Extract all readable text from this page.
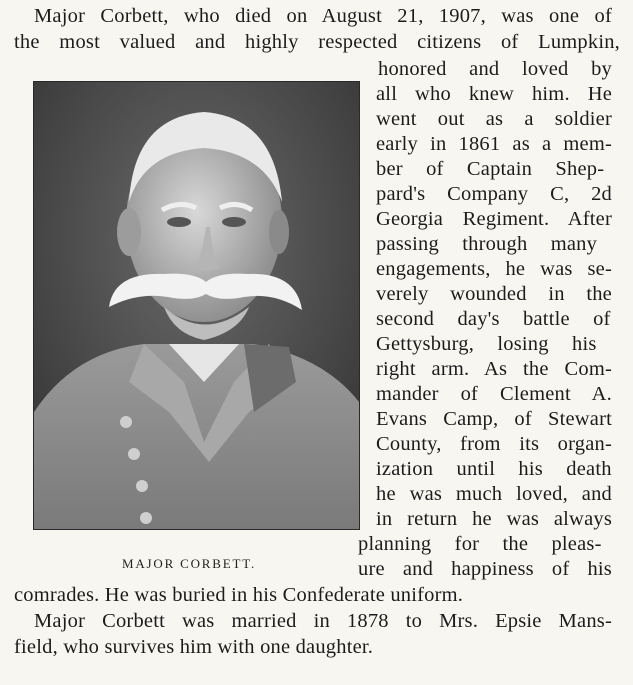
Major Corbett, who died on August 21, 1907, was one of
the most valued and highly respected citizens of Lumpkin,
MAJOR CORBETT.
honored and loved by
all who knew him. He
went out as a soldier
early in 1861 as a mem-
ber of Captain Shep-
pard's Company C, 2d
Georgia Regiment. After
passing through many
engagements, he was se-
verely wounded in the
second day's battle of
Gettysburg, losing his
right arm. As the Com-
mander of Clement A.
Evans Camp, of Stewart
County, from its organ-
ization until his death
he was much loved, and
in return he was always
planning for the pleas-
ure and happiness of his
comrades. He was buried in his Confederate uniform.
Major Corbett was married in 1878 to Mrs. Epsie Mans-
field, who survives him with one daughter.
